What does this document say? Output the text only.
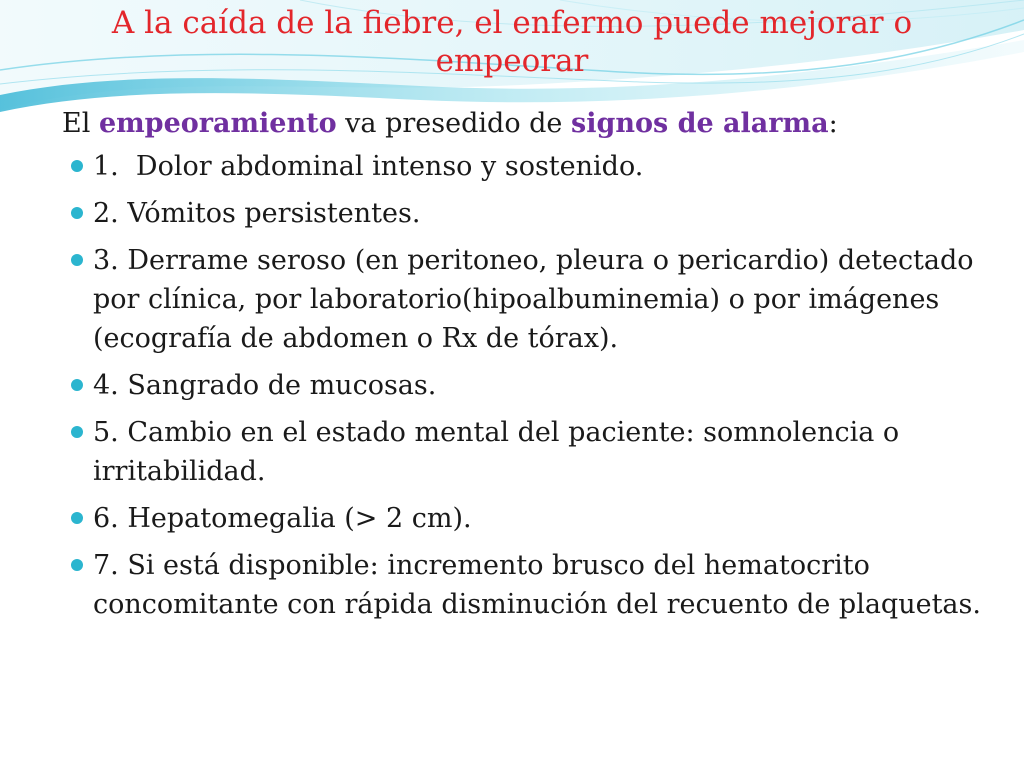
A la caída de la fiebre, el enfermo puede mejorar o empeorar

El empeoramiento va presedido de signos de alarma:

1.  Dolor abdominal intenso y sostenido.
2. Vómitos persistentes.
3. Derrame seroso (en peritoneo, pleura o pericardio) detectado por clínica, por laboratorio(hipoalbuminemia) o por imágenes (ecografía de abdomen o Rx de tórax).
4. Sangrado de mucosas.
5. Cambio en el estado mental del paciente: somnolencia o irritabilidad.
6. Hepatomegalia (> 2 cm).
7. Si está disponible: incremento brusco del hematocrito concomitante con rápida disminución del recuento de plaquetas.
